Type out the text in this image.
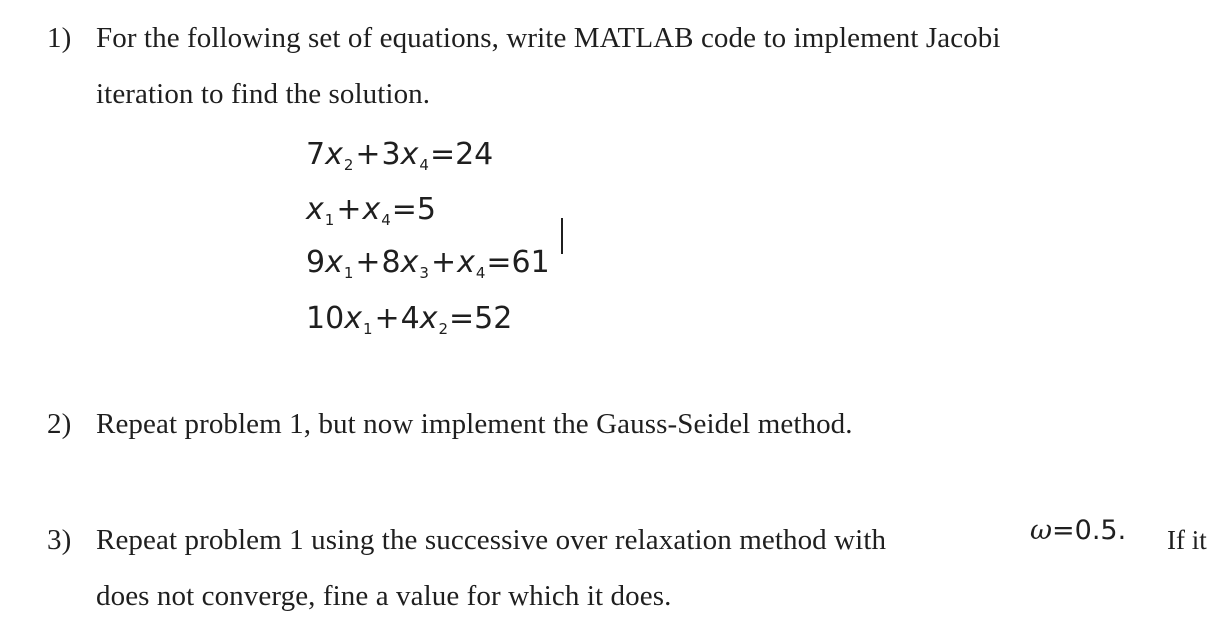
1) For the following set of equations, write MATLAB code to implement Jacobi
iteration to find the solution.
$7x_2+3x_4=24$
$x_1+x_4=5$
$9x_1+8x_3+x_4=61$
$10x_1+4x_2=52$
2) Repeat problem 1, but now implement the Gauss-Seidel method.
3) Repeat problem 1 using the successive over relaxation method with	ω=0.5. If it
does not converge, fine a value for which it does.
